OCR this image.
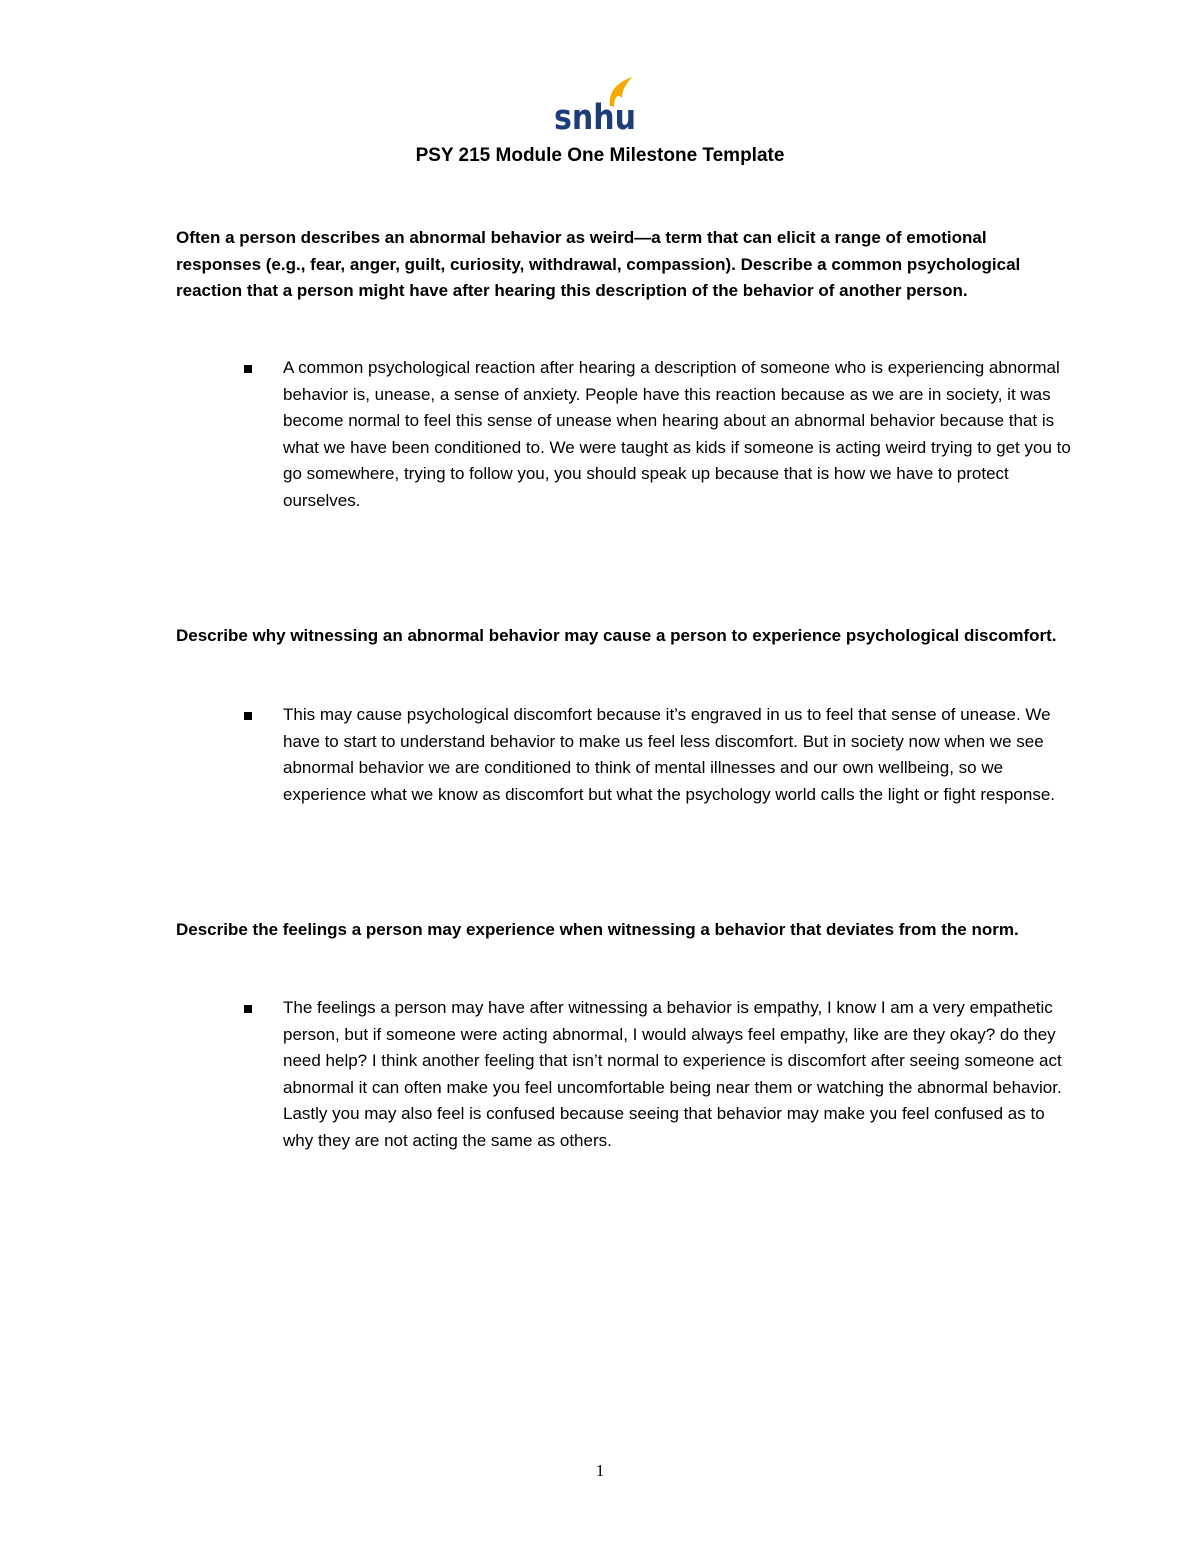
snhu
PSY 215 Module One Milestone Template

Often a person describes an abnormal behavior as weird—a term that can elicit a range of emotional responses (e.g., fear, anger, guilt, curiosity, withdrawal, compassion). Describe a common psychological reaction that a person might have after hearing this description of the behavior of another person.

A common psychological reaction after hearing a description of someone who is experiencing abnormal behavior is, unease, a sense of anxiety. People have this reaction because as we are in society, it was become normal to feel this sense of unease when hearing about an abnormal behavior because that is what we have been conditioned to. We were taught as kids if someone is acting weird trying to get you to go somewhere, trying to follow you, you should speak up because that is how we have to protect ourselves.

Describe why witnessing an abnormal behavior may cause a person to experience psychological discomfort.

This may cause psychological discomfort because it’s engraved in us to feel that sense of unease. We have to start to understand behavior to make us feel less discomfort. But in society now when we see abnormal behavior we are conditioned to think of mental illnesses and our own wellbeing, so we experience what we know as discomfort but what the psychology world calls the light or fight response.

Describe the feelings a person may experience when witnessing a behavior that deviates from the norm.

The feelings a person may have after witnessing a behavior is empathy, I know I am a very empathetic person, but if someone were acting abnormal, I would always feel empathy, like are they okay? do they need help? I think another feeling that isn’t normal to experience is discomfort after seeing someone act abnormal it can often make you feel uncomfortable being near them or watching the abnormal behavior. Lastly you may also feel is confused because seeing that behavior may make you feel confused as to why they are not acting the same as others.

1
